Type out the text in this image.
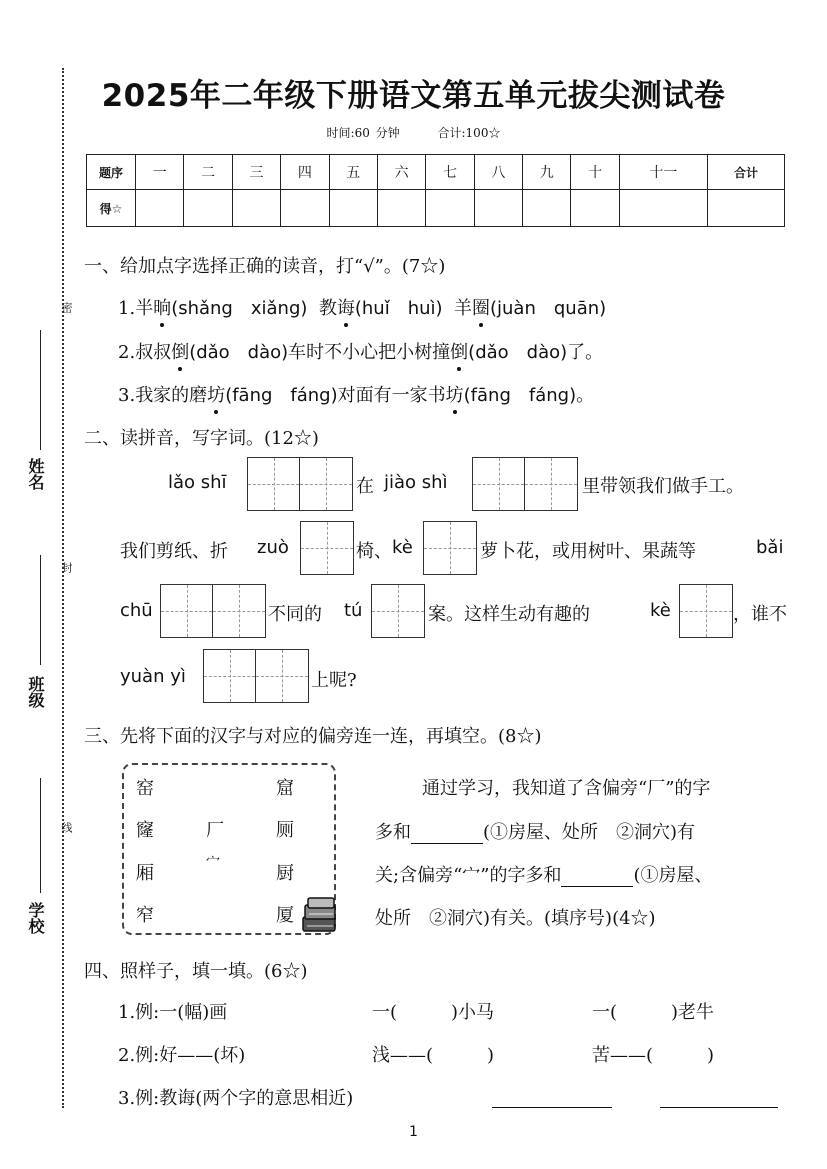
2025年二年级下册语文第五单元拔尖测试卷
时间:60 分钟	合计:100☆
题序	一	二	三	四	五	六	七	八	九	十	十一	合计
得☆												
密
封
线
姓名
班级
学校
一、给加点字选择正确的读音，打“√”。(7☆)
1.半晌(shǎng　xiǎng) 教诲(huǐ　huì) 羊圈(juàn　quān)
2.叔叔倒(dǎo　dào)车时不小心把小树撞倒(dǎo　dào)了。
3.我家的磨坊(fāng　fáng)对面有一家书坊(fāng　fáng)。
二、读拼音，写字词。(12☆)
lǎo shī	在 jiào shì	里带领我们做手工。
我们剪纸、折 zuò	椅、 kè	萝卜花，或用树叶、果蔬等	bǎi
chū	不同的 tú	案。这样生动有趣的	kè	，谁不
yuàn yì	上呢?
三、先将下面的汉字与对应的偏旁连一连，再填空。(8☆)
窑
窿
厢
窄
厂
宀
窟
厕
厨
厦
通过学习，我知道了含偏旁“厂”的字
多和	(①房屋、处所　②洞穴)有
关;含偏旁“宀”的字多和	(①房屋、
处所　②洞穴)有关。(填序号)(4☆)
四、照样子，填一填。(6☆)
1.例:一(幅)画	一(　　　)小马	一(　　　)老牛
2.例:好——(坏)	浅——(　　　)	苦——(　　　)
3.例:教诲(两个字的意思相近)
1
